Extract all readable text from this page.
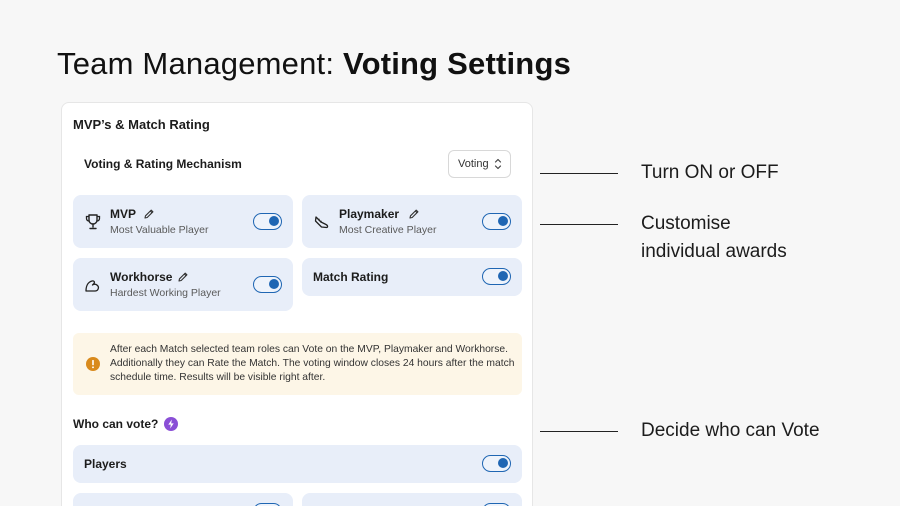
Team Management: Voting Settings
MVP’s & Match Rating
Voting & Rating Mechanism	Voting
MVP
Most Valuable Player
Playmaker
Most Creative Player
Workhorse
Hardest Working Player
Match Rating
After each Match selected team roles can Vote on the MVP, Playmaker and Workhorse. Additionally they can Rate the Match. The voting window closes 24 hours after the match schedule time. Results will be visible right after.
Who can vote?
Players
Turn ON or OFF
Customise
individual awards
Decide who can Vote
